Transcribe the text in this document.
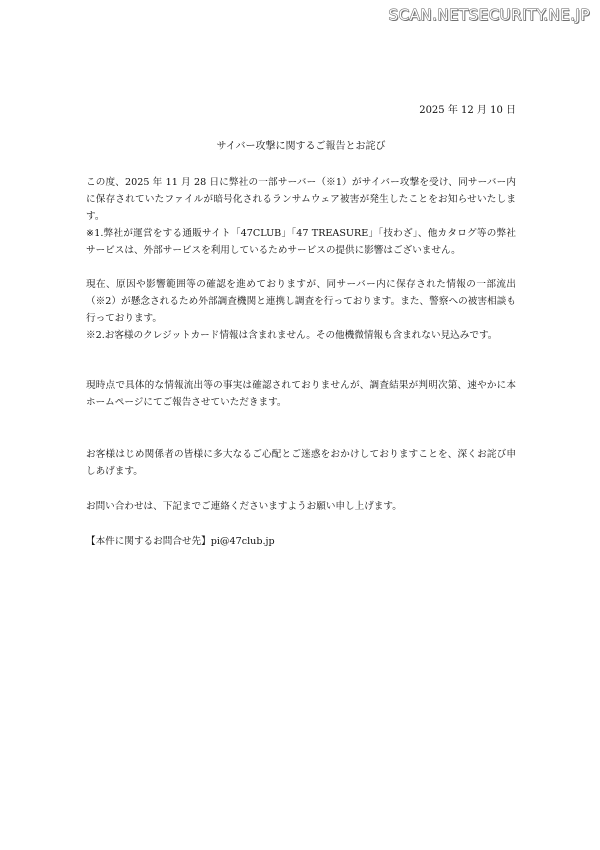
SCAN.NETSECURITY.NE.JP
2025 年 12 月 10 日
サイバー攻撃に関するご報告とお詫び

この度、2025 年 11 月 28 日に弊社の一部サーバー（※1）がサイバー攻撃を受け、同サーバー内に保存されていたファイルが暗号化されるランサムウェア被害が発生したことをお知らせいたします。
※1.弊社が運営をする通販サイト「47CLUB」「47 TREASURE」「技わざ」、他カタログ等の弊社サービスは、外部サービスを利用しているためサービスの提供に影響はございません。

現在、原因や影響範囲等の確認を進めておりますが、同サーバー内に保存された情報の一部流出（※2）が懸念されるため外部調査機関と連携し調査を行っております。また、警察への被害相談も行っております。
※2.お客様のクレジットカード情報は含まれません。その他機微情報も含まれない見込みです。

現時点で具体的な情報流出等の事実は確認されておりませんが、調査結果が判明次第、速やかに本ホームページにてご報告させていただきます。

お客様はじめ関係者の皆様に多大なるご心配とご迷惑をおかけしておりますことを、深くお詫び申しあげます。

お問い合わせは、下記までご連絡くださいますようお願い申し上げます。

【本件に関するお問合せ先】pi@47club.jp
